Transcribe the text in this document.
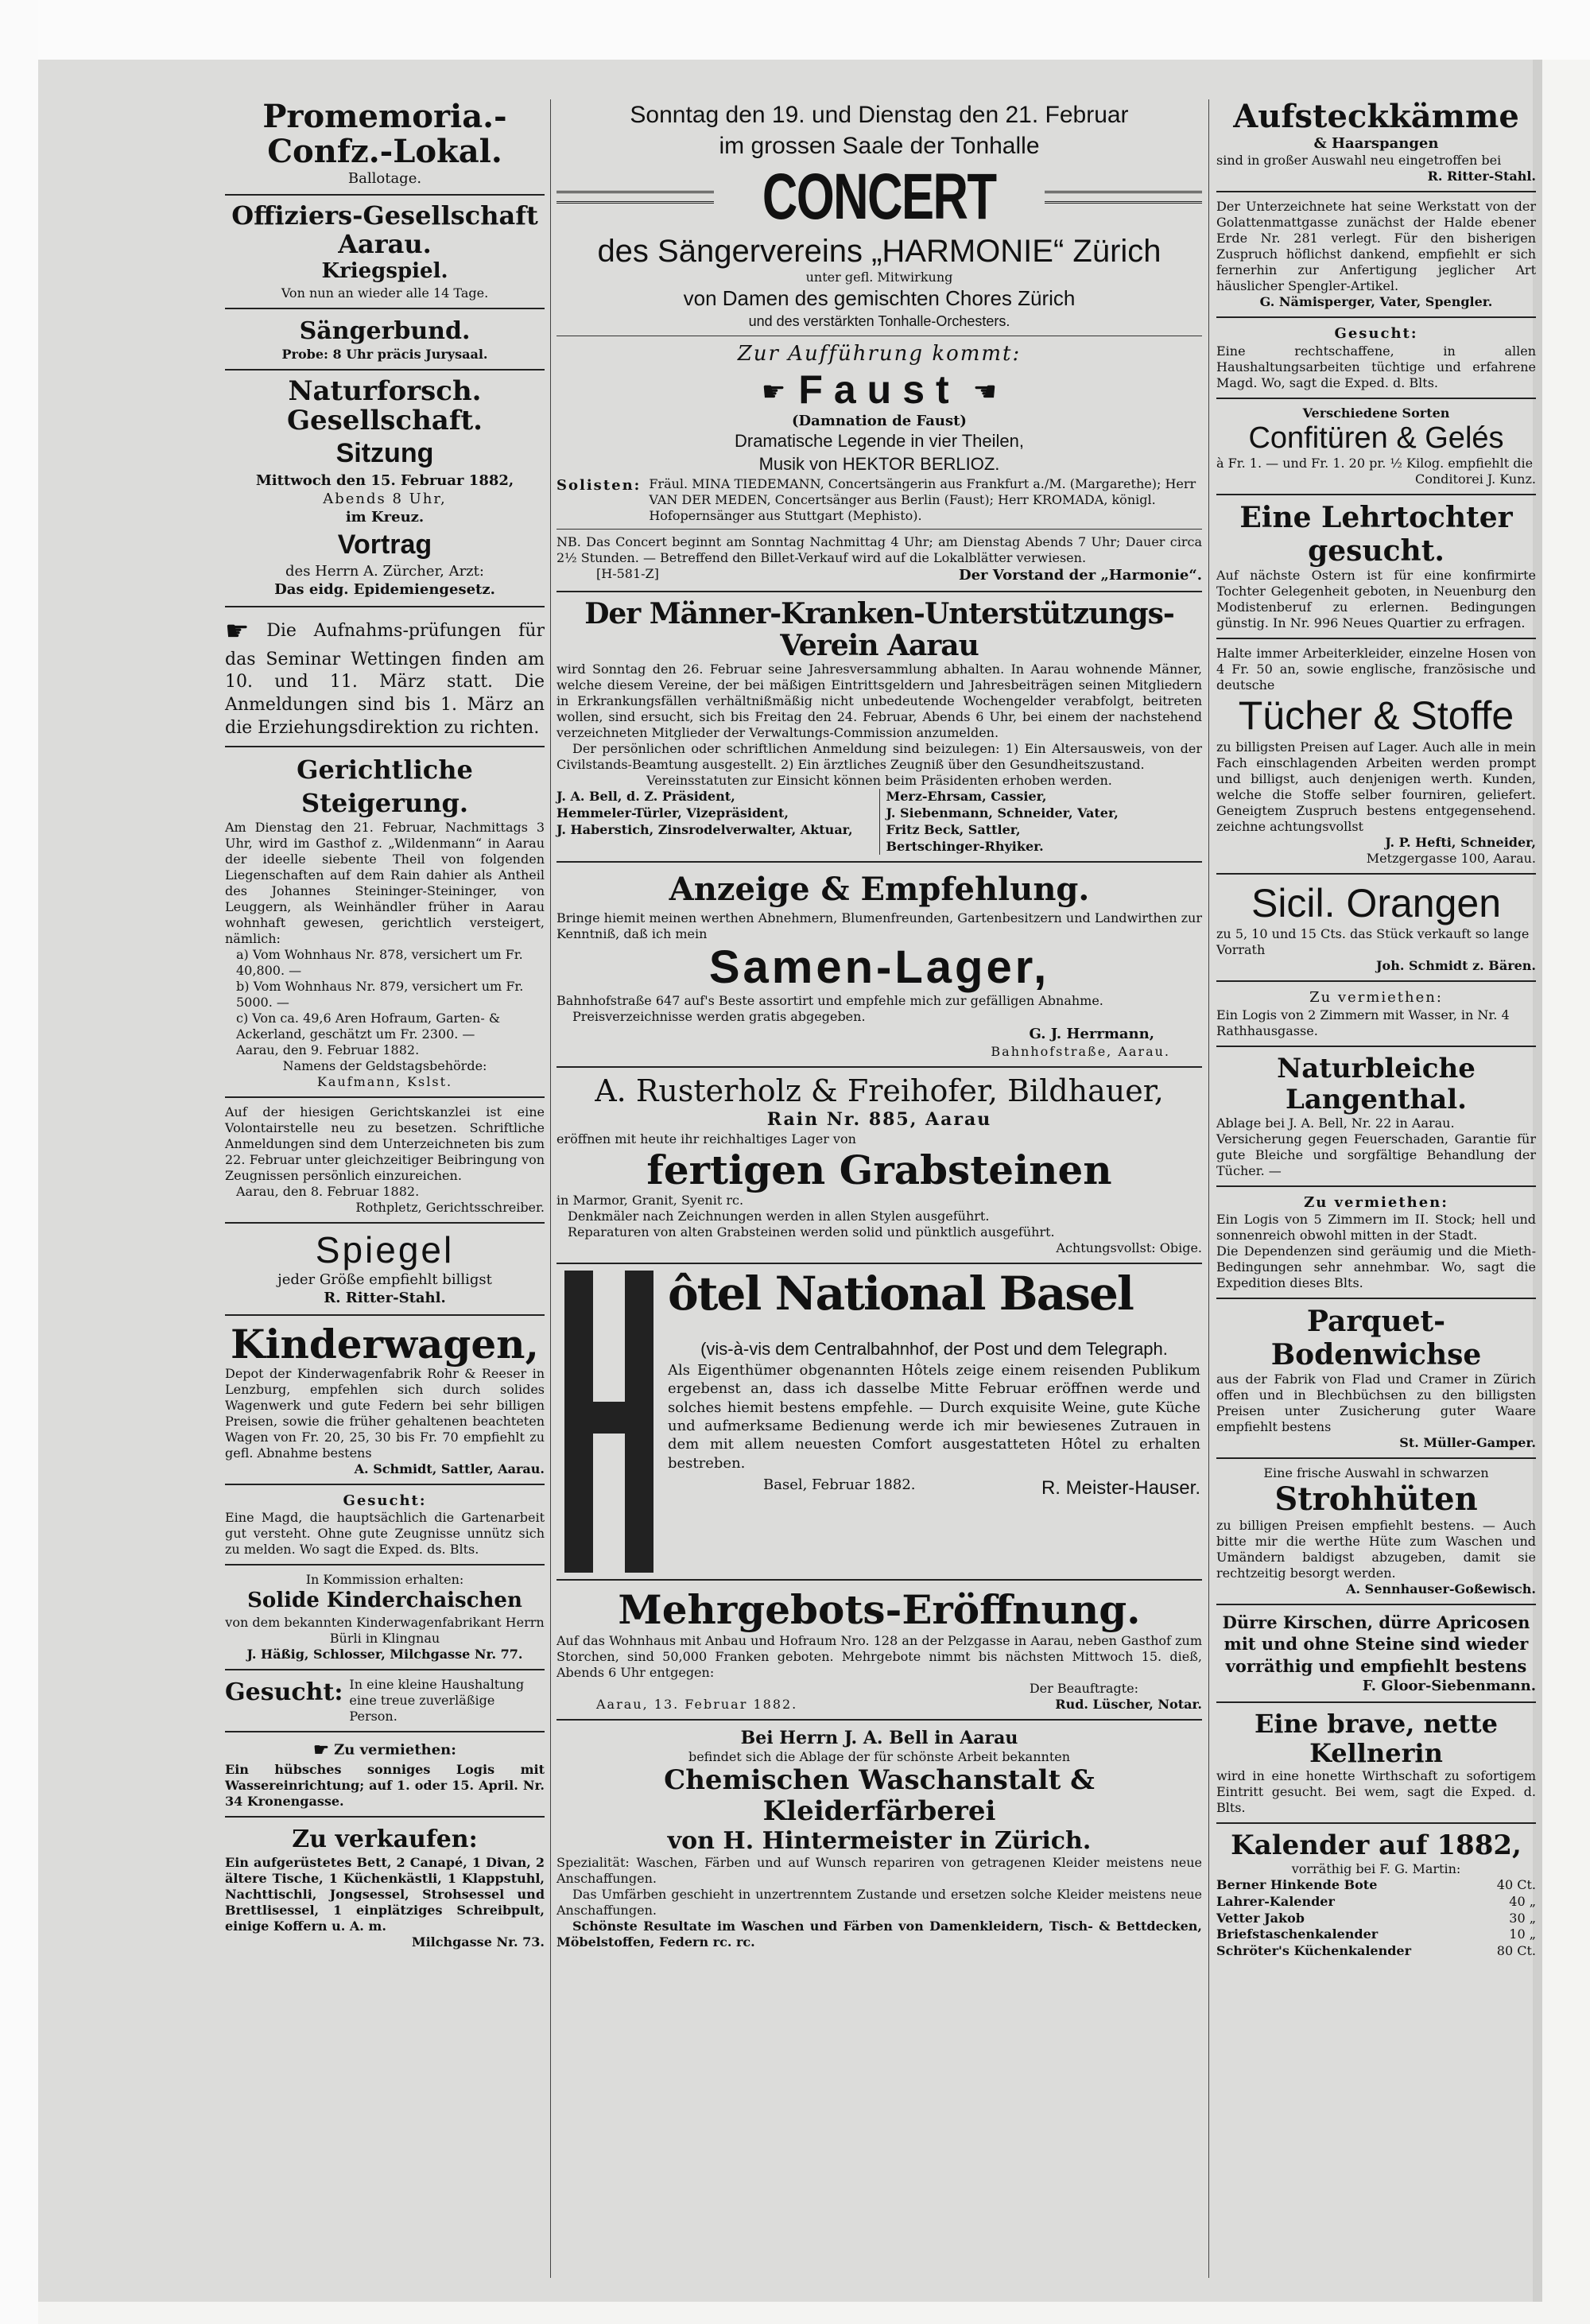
Promemoria.-Confz.-Lokal.
Ballotage.
Offiziers-Gesellschaft Aarau.
Kriegspiel.
Von nun an wieder alle 14 Tage.
Sängerbund.
Probe: 8 Uhr präcis Jurysaal.
Naturforsch. Gesellschaft.
Sitzung
Mittwoch den 15. Februar 1882,
Abends 8 Uhr,
im Kreuz.
Vortrag
des Herrn A. Zürcher, Arzt:
Das eidg. Epidemiengesetz.
☛ Die Aufnahms-prüfungen für das Seminar Wettingen finden am 10. und 11. März statt. Die Anmeldungen sind bis 1. März an die Erziehungsdirektion zu richten.
Gerichtliche Steigerung.
Am Dienstag den 21. Februar, Nachmittags 3 Uhr, wird im Gasthof z. „Wildenmann“ in Aarau der ideelle siebente Theil von folgenden Liegenschaften auf dem Rain dahier als Antheil des Johannes Steininger-Steininger, von Leuggern, als Weinhändler früher in Aarau wohnhaft gewesen, gerichtlich versteigert, nämlich:
a) Vom Wohnhaus Nr. 878, versichert um Fr. 40,800. —
b) Vom Wohnhaus Nr. 879, versichert um Fr. 5000. —
c) Von ca. 49,6 Aren Hofraum, Garten- & Ackerland, geschätzt um Fr. 2300. —
Aarau, den 9. Februar 1882.
Namens der Geldstagsbehörde:
Kaufmann, Kslst.
Auf der hiesigen Gerichtskanzlei ist eine Volontairstelle neu zu besetzen. Schriftliche Anmeldungen sind dem Unterzeichneten bis zum 22. Februar unter gleichzeitiger Beibringung von Zeugnissen persönlich einzureichen.
Aarau, den 8. Februar 1882.
Rothpletz, Gerichtsschreiber.
Spiegel
jeder Größe empfiehlt billigst
R. Ritter-Stahl.
Kinderwagen,
Depot der Kinderwagenfabrik Rohr & Reeser in Lenzburg, empfehlen sich durch solides Wagenwerk und gute Federn bei sehr billigen Preisen, sowie die früher gehaltenen beachteten Wagen von Fr. 20, 25, 30 bis Fr. 70 empfiehlt zu gefl. Abnahme bestens
A. Schmidt, Sattler, Aarau.
Gesucht:
Eine Magd, die hauptsächlich die Gartenarbeit gut versteht. Ohne gute Zeugnisse unnütz sich zu melden. Wo sagt die Exped. ds. Blts.
In Kommission erhalten:
Solide Kinderchaischen
von dem bekannten Kinderwagenfabrikant Herrn Bürli in Klingnau
J. Häßig, Schlosser, Milchgasse Nr. 77.
Gesucht: In eine kleine Haushaltung eine treue zuverläßige Person.
☛ Zu vermiethen:
Ein hübsches sonniges Logis mit Wassereinrichtung; auf 1. oder 15. April. Nr. 34 Kronengasse.
Zu verkaufen:
Ein aufgerüstetes Bett, 2 Canapé, 1 Divan, 2 ältere Tische, 1 Küchenkästli, 1 Klappstuhl, Nachttischli, Jongsessel, Strohsessel und Brettlisessel, 1 einplätziges Schreibpult, einige Koffern u. A. m.
Milchgasse Nr. 73.
Sonntag den 19. und Dienstag den 21. Februar
im grossen Saale der Tonhalle
CONCERT
des Sängervereins „HARMONIE“ Zürich
unter gefl. Mitwirkung
von Damen des gemischten Chores Zürich
und des verstärkten Tonhalle-Orchesters.
Zur Aufführung kommt:
☛ Faust ☚
(Damnation de Faust)
Dramatische Legende in vier Theilen,
Musik von HEKTOR BERLIOZ.
Solisten: Fräul. MINA TIEDEMANN, Concertsängerin aus Frankfurt a./M. (Margarethe); Herr VAN DER MEDEN, Concertsänger aus Berlin (Faust); Herr KROMADA, königl. Hofopernsänger aus Stuttgart (Mephisto).
NB. Das Concert beginnt am Sonntag Nachmittag 4 Uhr; am Dienstag Abends 7 Uhr; Dauer circa 2½ Stunden. — Betreffend den Billet-Verkauf wird auf die Lokalblätter verwiesen.
[H-581-Z]	Der Vorstand der „Harmonie“.
Der Männer-Kranken-Unterstützungs-Verein Aarau
wird Sonntag den 26. Februar seine Jahresversammlung abhalten. In Aarau wohnende Männer, welche diesem Vereine, der bei mäßigen Eintrittsgeldern und Jahresbeiträgen seinen Mitgliedern in Erkrankungsfällen verhältnißmäßig nicht unbedeutende Wochengelder verabfolgt, beitreten wollen, sind ersucht, sich bis Freitag den 24. Februar, Abends 6 Uhr, bei einem der nachstehend verzeichneten Mitglieder der Verwaltungs-Commission anzumelden.
Der persönlichen oder schriftlichen Anmeldung sind beizulegen: 1) Ein Altersausweis, von der Civilstands-Beamtung ausgestellt. 2) Ein ärztliches Zeugniß über den Gesundheitszustand.
Vereinsstatuten zur Einsicht können beim Präsidenten erhoben werden.
J. A. Bell, d. Z. Präsident,
Hemmeler-Türler, Vizepräsident,
J. Haberstich, Zinsrodelverwalter, Aktuar,
Merz-Ehrsam, Cassier,
J. Siebenmann, Schneider, Vater,
Fritz Beck, Sattler,
Bertschinger-Rhyiker.
Anzeige & Empfehlung.
Bringe hiemit meinen werthen Abnehmern, Blumenfreunden, Gartenbesitzern und Landwirthen zur Kenntniß, daß ich mein
Samen-Lager,
Bahnhofstraße 647 auf's Beste assortirt und empfehle mich zur gefälligen Abnahme.
Preisverzeichnisse werden gratis abgegeben.
G. J. Herrmann,
Bahnhofstraße, Aarau.
A. Rusterholz & Freihofer, Bildhauer,
Rain Nr. 885, Aarau
eröffnen mit heute ihr reichhaltiges Lager von
fertigen Grabsteinen
in Marmor, Granit, Syenit rc.
Denkmäler nach Zeichnungen werden in allen Stylen ausgeführt.
Reparaturen von alten Grabsteinen werden solid und pünktlich ausgeführt.
Achtungsvollst: Obige.
ôtel National Basel
(vis-à-vis dem Centralbahnhof, der Post und dem Telegraph.
Als Eigenthümer obgenannten Hôtels zeige einem reisenden Publikum ergebenst an, dass ich dasselbe Mitte Februar eröffnen werde und solches hiemit bestens empfehle. — Durch exquisite Weine, gute Küche und aufmerksame Bedienung werde ich mir bewiesenes Zutrauen in dem mit allem neuesten Comfort ausgestatteten Hôtel zu erhalten bestreben.
Basel, Februar 1882.	R. Meister-Hauser.
Mehrgebots-Eröffnung.
Auf das Wohnhaus mit Anbau und Hofraum Nro. 128 an der Pelzgasse in Aarau, neben Gasthof zum Storchen, sind 50,000 Franken geboten. Mehrgebote nimmt bis nächsten Mittwoch 15. dieß, Abends 6 Uhr entgegen:
Der Beauftragte:
Aarau, 13. Februar 1882.	Rud. Lüscher, Notar.
Bei Herrn J. A. Bell in Aarau
befindet sich die Ablage der für schönste Arbeit bekannten
Chemischen Waschanstalt & Kleiderfärberei
von H. Hintermeister in Zürich.
Spezialität: Waschen, Färben und auf Wunsch repariren von getragenen Kleider meistens neue Anschaffungen.
Das Umfärben geschieht in unzertrenntem Zustande und ersetzen solche Kleider meistens neue Anschaffungen.
Schönste Resultate im Waschen und Färben von Damenkleidern, Tisch- & Bettdecken, Möbelstoffen, Federn rc. rc.
Aufsteckkämme
& Haarspangen
sind in großer Auswahl neu eingetroffen bei
R. Ritter-Stahl.
Der Unterzeichnete hat seine Werkstatt von der Golattenmattgasse zunächst der Halde ebener Erde Nr. 281 verlegt. Für den bisherigen Zuspruch höflichst dankend, empfiehlt er sich fernerhin zur Anfertigung jeglicher Art häuslicher Spengler-Artikel.
G. Nämisperger, Vater, Spengler.
Gesucht:
Eine rechtschaffene, in allen Haushaltungsarbeiten tüchtige und erfahrene Magd. Wo, sagt die Exped. d. Blts.
Verschiedene Sorten
Confitüren & Gelés
à Fr. 1. — und Fr. 1. 20 pr. ½ Kilog. empfiehlt die
Conditorei J. Kunz.
Eine Lehrtochter gesucht.
Auf nächste Ostern ist für eine konfirmirte Tochter Gelegenheit geboten, in Neuenburg den Modistenberuf zu erlernen. Bedingungen günstig. In Nr. 996 Neues Quartier zu erfragen.
Halte immer Arbeiterkleider, einzelne Hosen von 4 Fr. 50 an, sowie englische, französische und deutsche
Tücher & Stoffe
zu billigsten Preisen auf Lager. Auch alle in mein Fach einschlagenden Arbeiten werden prompt und billigst, auch denjenigen werth. Kunden, welche die Stoffe selber fourniren, geliefert. Geneigtem Zuspruch bestens entgegensehend. zeichne achtungsvollst
J. P. Hefti, Schneider,
Metzgergasse 100, Aarau.
Sicil. Orangen
zu 5, 10 und 15 Cts. das Stück verkauft so lange Vorrath
Joh. Schmidt z. Bären.
Zu vermiethen:
Ein Logis von 2 Zimmern mit Wasser, in Nr. 4 Rathhausgasse.
Naturbleiche Langenthal.
Ablage bei J. A. Bell, Nr. 22 in Aarau.
Versicherung gegen Feuerschaden, Garantie für gute Bleiche und sorgfältige Behandlung der Tücher. —
Zu vermiethen:
Ein Logis von 5 Zimmern im II. Stock; hell und sonnenreich obwohl mitten in der Stadt.
Die Dependenzen sind geräumig und die Mieth-Bedingungen sehr annehmbar. Wo, sagt die Expedition dieses Blts.
Parquet-Bodenwichse
aus der Fabrik von Flad und Cramer in Zürich offen und in Blechbüchsen zu den billigsten Preisen unter Zusicherung guter Waare empfiehlt bestens
St. Müller-Gamper.
Eine frische Auswahl in schwarzen
Strohhüten
zu billigen Preisen empfiehlt bestens. — Auch bitte mir die werthe Hüte zum Waschen und Umändern baldigst abzugeben, damit sie rechtzeitig besorgt werden.
A. Sennhauser-Goßewisch.
Dürre Kirschen, dürre Apricosen mit und ohne Steine sind wieder vorräthig und empfiehlt bestens
F. Gloor-Siebenmann.
Eine brave, nette Kellnerin
wird in eine honette Wirthschaft zu sofortigem Eintritt gesucht. Bei wem, sagt die Exped. d. Blts.
Kalender auf 1882,
vorräthig bei F. G. Martin:
Berner Hinkende Bote	40 Ct.
Lahrer-Kalender	40 „
Vetter Jakob	30 „
Briefstaschenkalender	10 „
Schröter's Küchenkalender	80 Ct.
